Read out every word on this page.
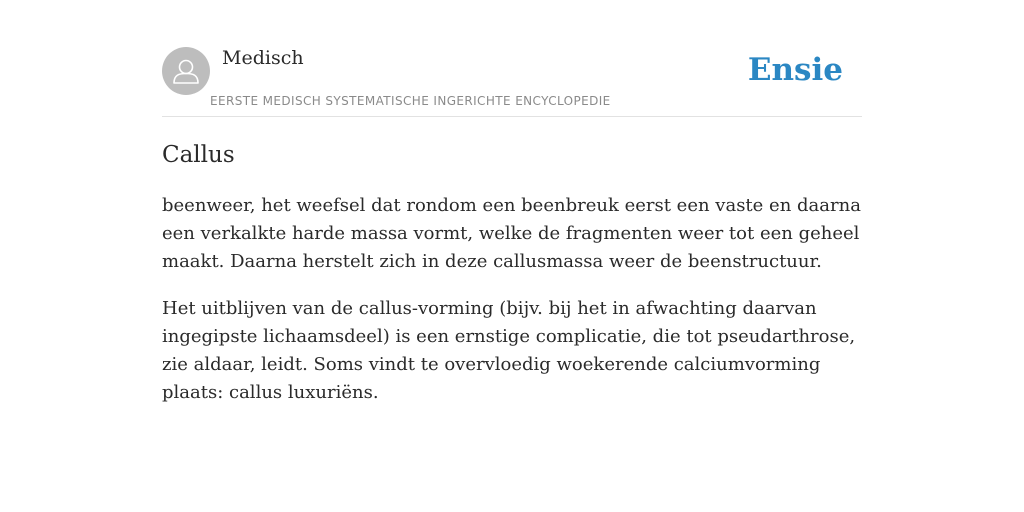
Medisch
EERSTE MEDISCH SYSTEMATISCHE INGERICHTE ENCYCLOPEDIE
Ensie
Callus

beenweer, het weefsel dat rondom een beenbreuk eerst een vaste en daarna een verkalkte harde massa vormt, welke de fragmenten weer tot een geheel maakt. Daarna herstelt zich in deze callusmassa weer de beenstructuur.

Het uitblijven van de callus-vorming (bijv. bij het in afwachting daarvan ingegipste lichaamsdeel) is een ernstige complicatie, die tot pseudarthrose, zie aldaar, leidt. Soms vindt te overvloedig woekerende calciumvorming plaats: callus luxuriëns.
